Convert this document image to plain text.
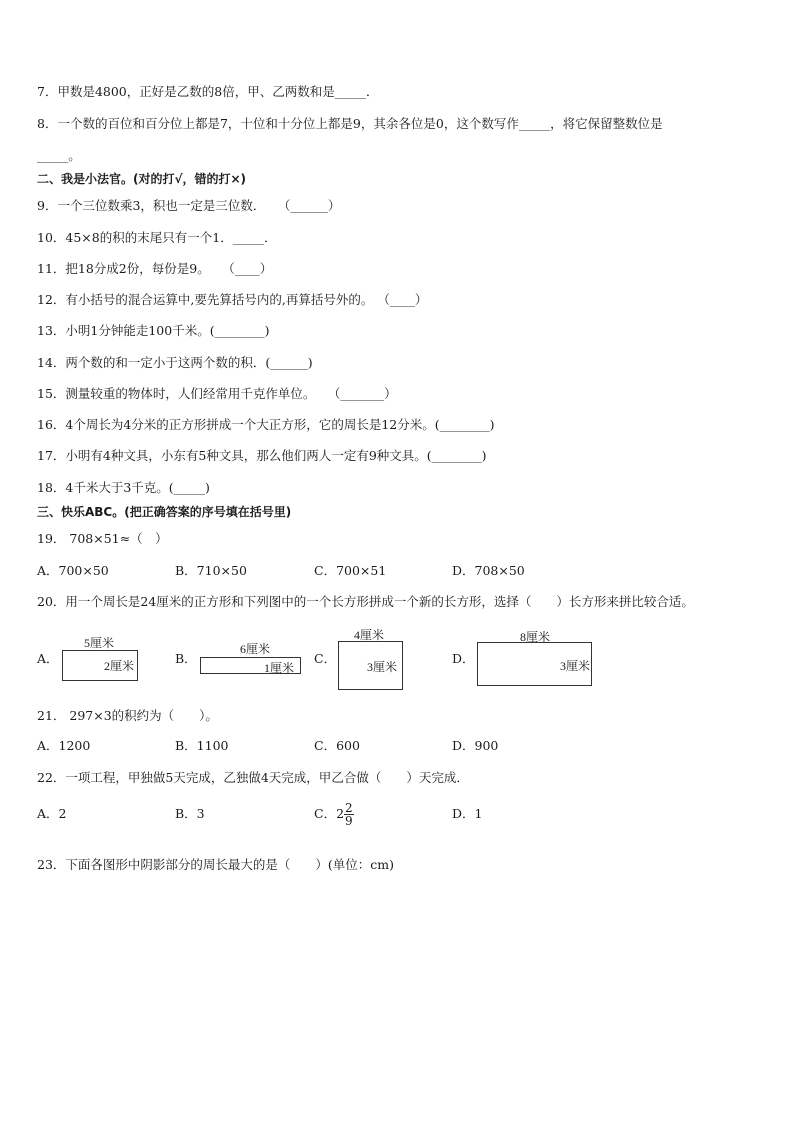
7．甲数是4800，正好是乙数的8倍，甲、乙两数和是_____．
8．一个数的百位和百分位上都是7，十位和十分位上都是9，其余各位是0，这个数写作_____，将它保留整数位是
_____。
二、我是小法官。(对的打√，错的打×)
9．一个三位数乘3，积也一定是三位数．　　（______）
10．45×8的积的末尾只有一个1．_____．
11．把18分成2份，每份是9。　　（____）
12．有小括号的混合运算中,要先算括号内的,再算括号外的。 （____）
13．小明1分钟能走100千米。(________)
14．两个数的和一定小于这两个数的积．(______)
15．测量较重的物体时，人们经常用千克作单位。　　（_______）
16．4个周长为4分米的正方形拼成一个大正方形，它的周长是12分米。(________)
17．小明有4种文具，小东有5种文具，那么他们两人一定有9种文具。(________)
18．4千米大于3千克。(_____)
三、快乐ABC。(把正确答案的序号填在括号里)
19． 708×51≈（　）
A．700×50	B．710×50	C．700×51	D．708×50
20．用一个周长是24厘米的正方形和下列图中的一个长方形拼成一个新的长方形，选择（　　）长方形来拼比较合适。
A．
5厘米
2厘米	B．
6厘米
1厘米
C．
4厘米
3厘米
D．
8厘米
3厘米
21． 297×3的积约为（　　）。
A．1200	B．1100	C．600	D．900
22．一项工程，甲独做5天完成，乙独做4天完成，甲乙合做（　　）天完成．
A．2	B．3	C．$2 \frac{2}{9}$	D．1
23．下面各图形中阴影部分的周长最大的是（　　）(单位：cm)
